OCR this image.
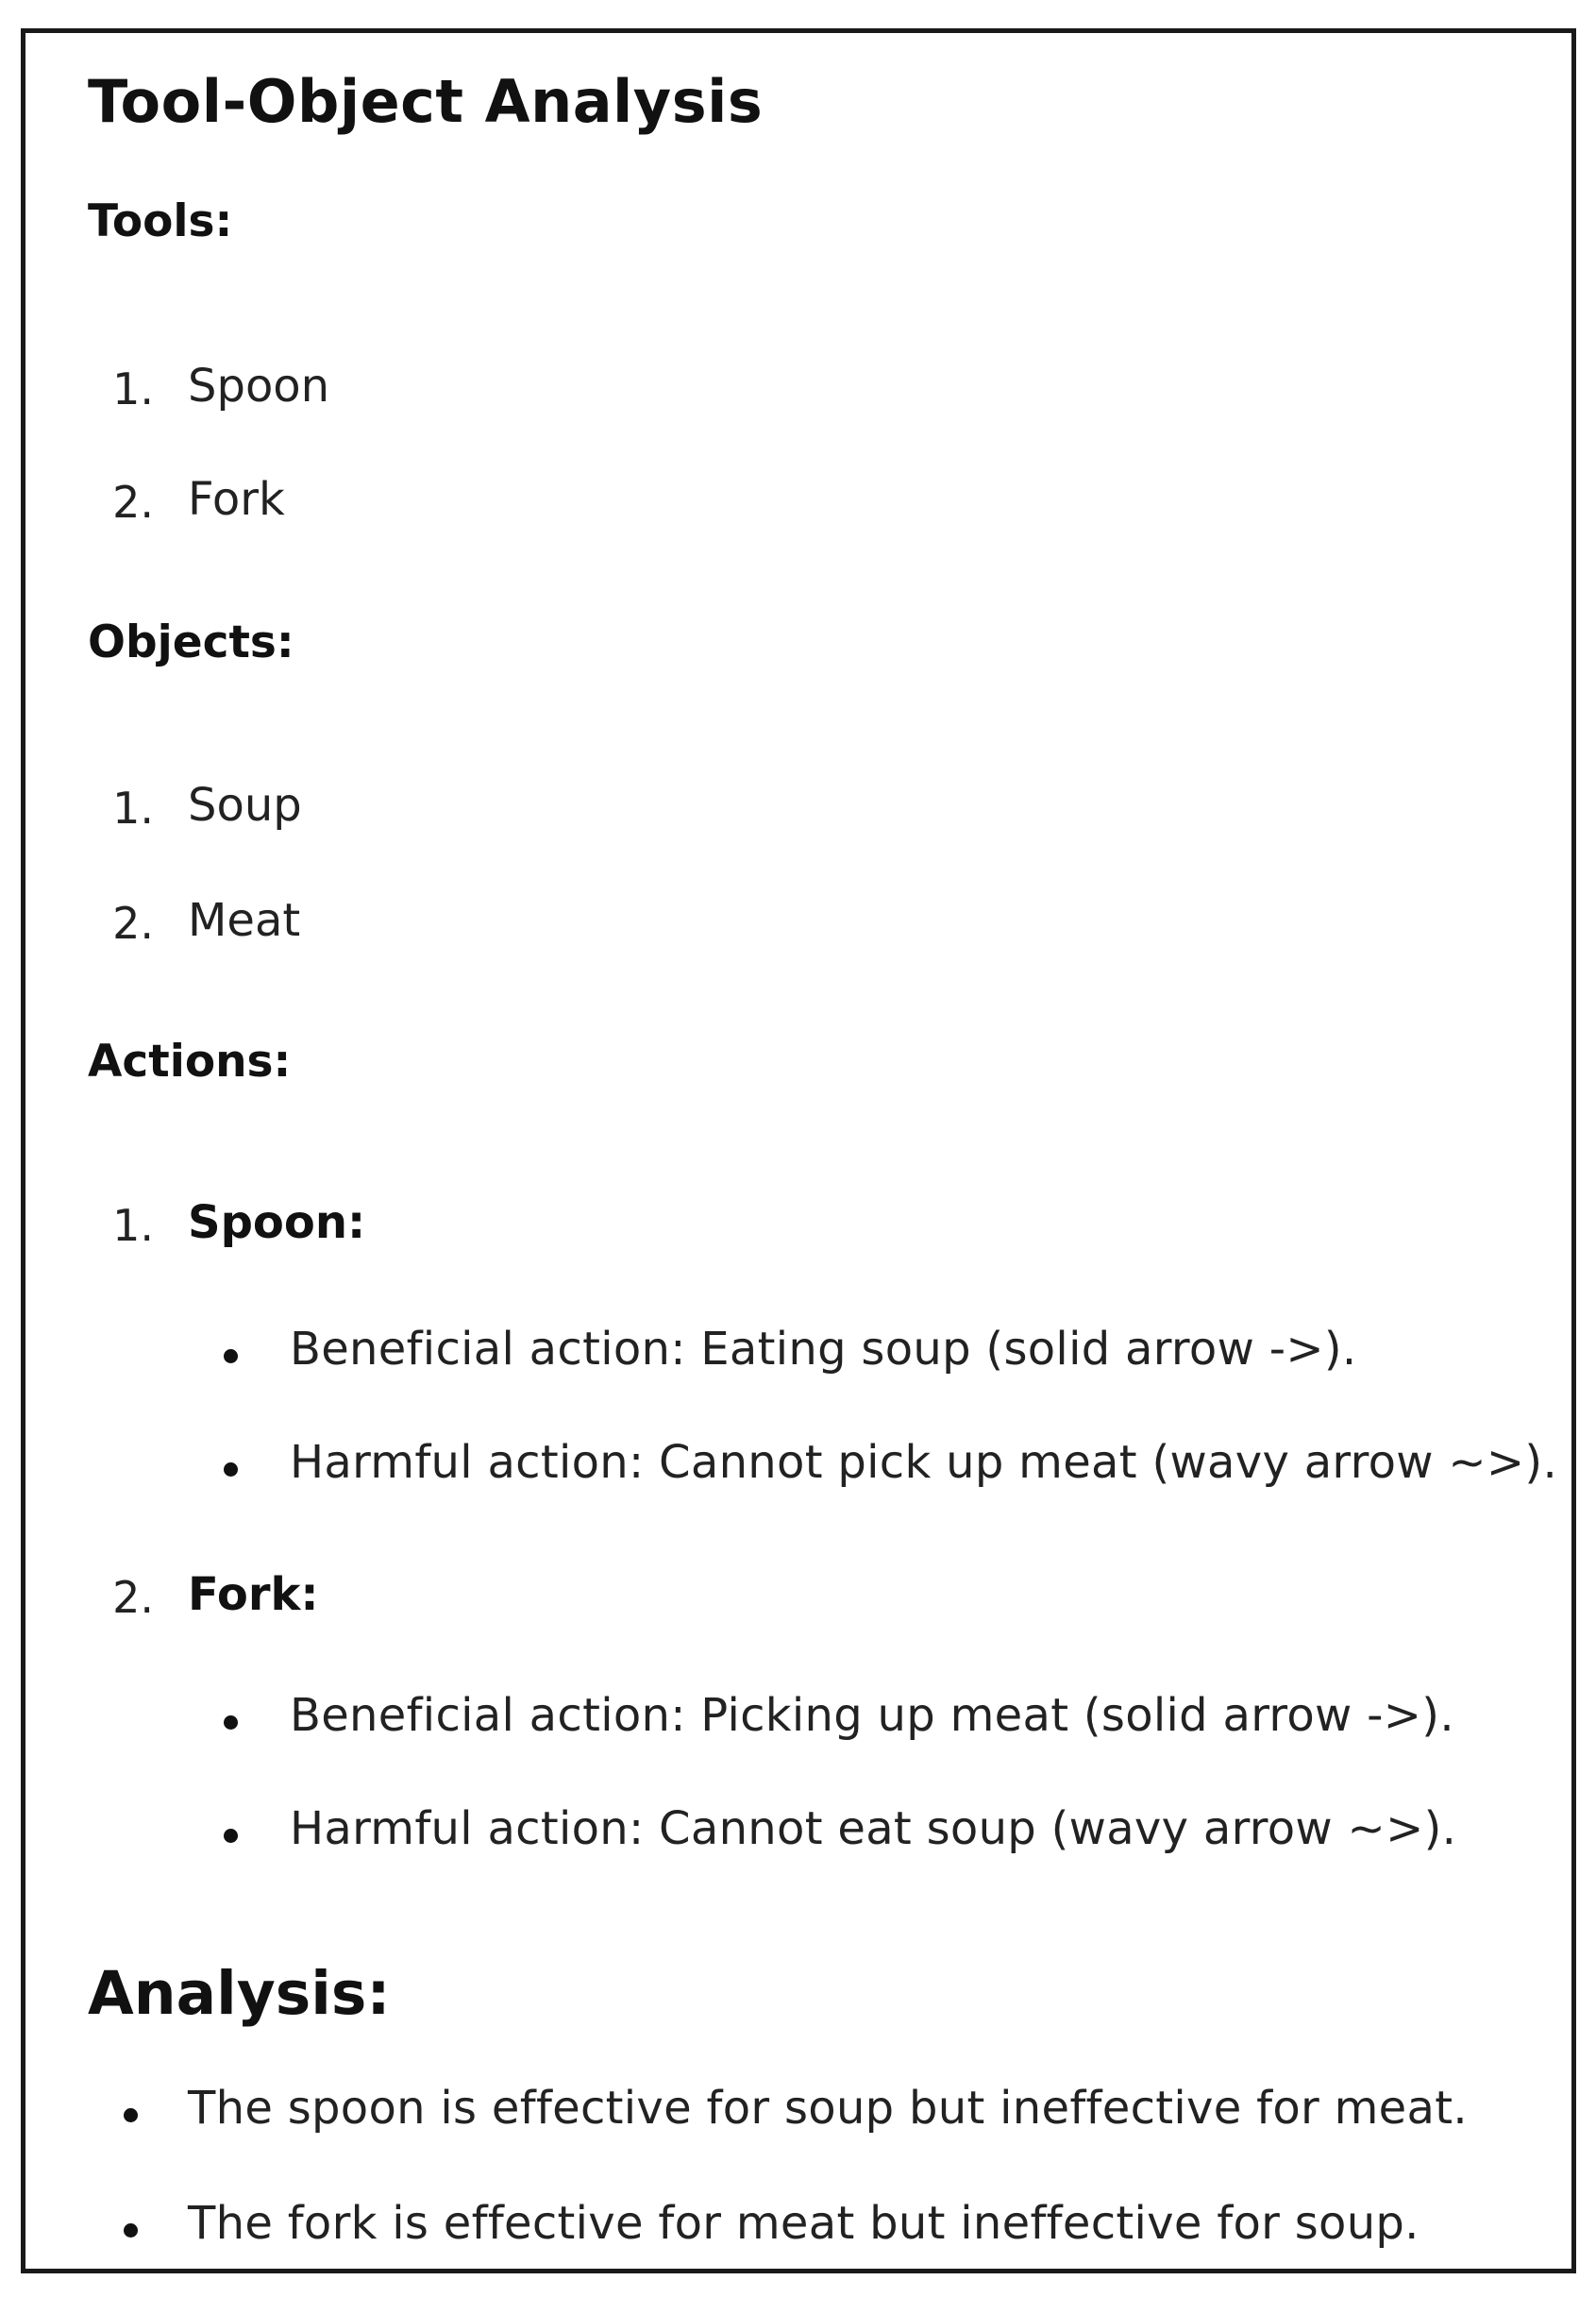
Tool-Object Analysis
Tools:
1. Spoon
2. Fork
Objects:
1. Soup
2. Meat
Actions:
1. Spoon:
Beneficial action: Eating soup (solid arrow ->).
Harmful action: Cannot pick up meat (wavy arrow ~>).
2. Fork:
Beneficial action: Picking up meat (solid arrow ->).
Harmful action: Cannot eat soup (wavy arrow ~>).
Analysis:
The spoon is effective for soup but ineffective for meat.
The fork is effective for meat but ineffective for soup.
